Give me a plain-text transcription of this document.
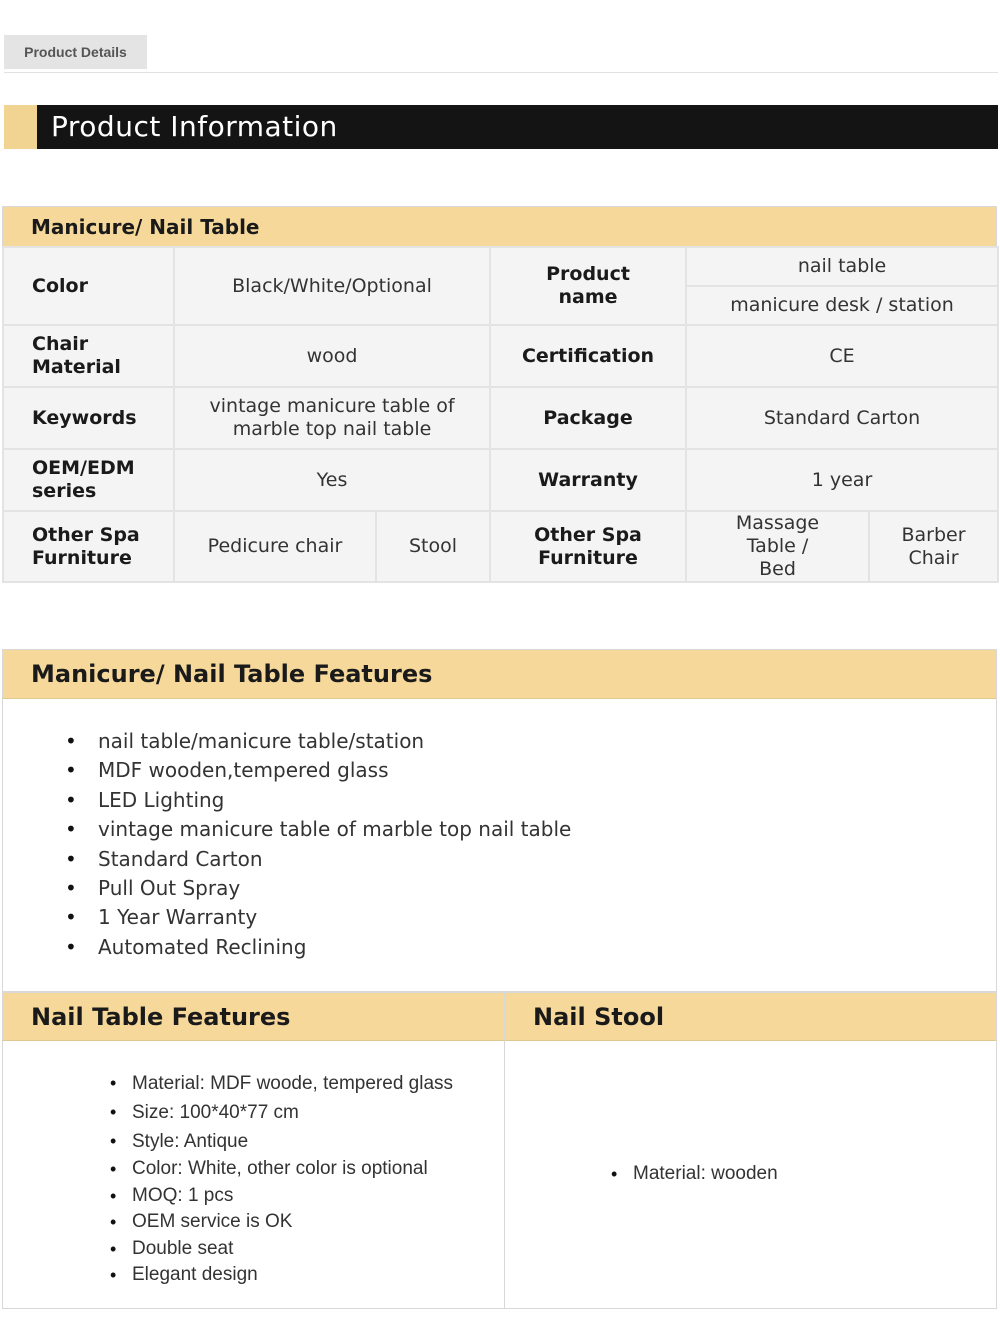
Product Details
Product Information
Manicure/ Nail Table
Color	Black/White/Optional		Product name	nail table	
				manicure desk / station	
Chair Material	wood		Certification	CE	
Keywords	vintage manicure table of marble top nail table		Package	Standard Carton	
OEM/EDM series	Yes		Warranty	1 year	
Other Spa Furniture	Pedicure chair	Stool	Other Spa Furniture	Massage Table / Bed	Barber Chair
Manicure/ Nail Table Features
• nail table/manicure table/station
• MDF wooden,tempered glass
• LED Lighting
• vintage manicure table of marble top nail table
• Standard Carton
• Pull Out Spray
• 1 Year Warranty
• Automated Reclining
Nail Table Features
• Material: MDF woode, tempered glass
• Size: 100*40*77 cm
• Style: Antique
• Color: White, other color is optional
• MOQ: 1 pcs
• OEM service is OK
• Double seat
• Elegant design
Nail Stool
• Material: wooden
